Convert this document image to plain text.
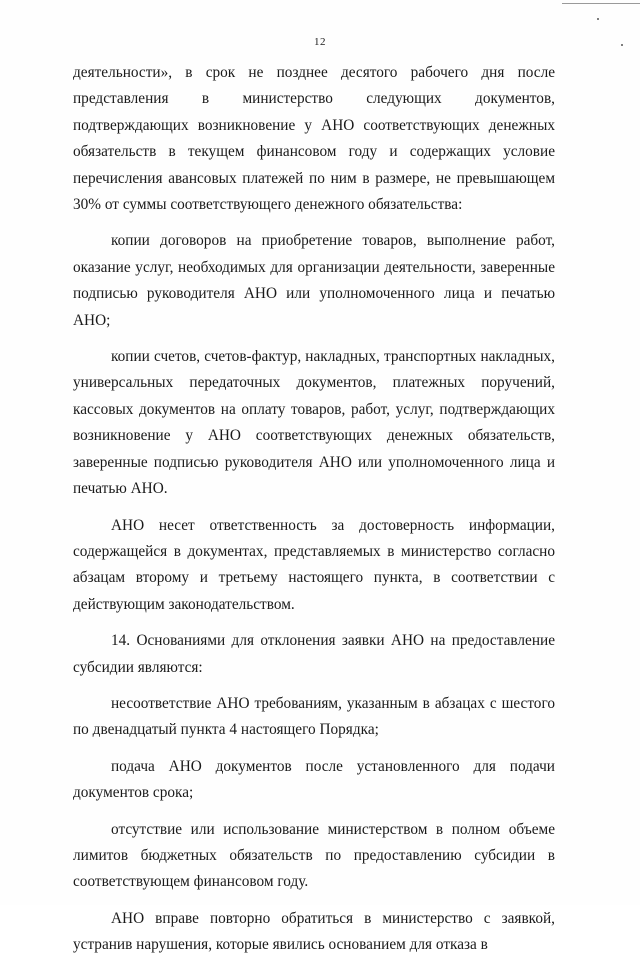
12

деятельности», в срок не позднее десятого рабочего дня после представления в министерство следующих документов, подтверждающих возникновение у АНО соответствующих денежных обязательств в текущем финансовом году и содержащих условие перечисления авансовых платежей по ним в размере, не превышающем 30% от суммы соответствующего денежного обязательства:

копии договоров на приобретение товаров, выполнение работ, оказание услуг, необходимых для организации деятельности, заверенные подписью руководителя АНО или уполномоченного лица и печатью АНО;

копии счетов, счетов-фактур, накладных, транспортных накладных, универсальных передаточных документов, платежных поручений, кассовых документов на оплату товаров, работ, услуг, подтверждающих возникновение у АНО соответствующих денежных обязательств, заверенные подписью руководителя АНО или уполномоченного лица и печатью АНО.

АНО несет ответственность за достоверность информации, содержащейся в документах, представляемых в министерство согласно абзацам второму и третьему настоящего пункта, в соответствии с действующим законодательством.

14. Основаниями для отклонения заявки АНО на предоставление субсидии являются:

несоответствие АНО требованиям, указанным в абзацах с шестого по двенадцатый пункта 4 настоящего Порядка;

подача АНО документов после установленного для подачи документов срока;

отсутствие или использование министерством в полном объеме лимитов бюджетных обязательств по предоставлению субсидии в соответствующем финансовом году.

АНО вправе повторно обратиться в министерство с заявкой, устранив нарушения, которые явились основанием для отказа в
